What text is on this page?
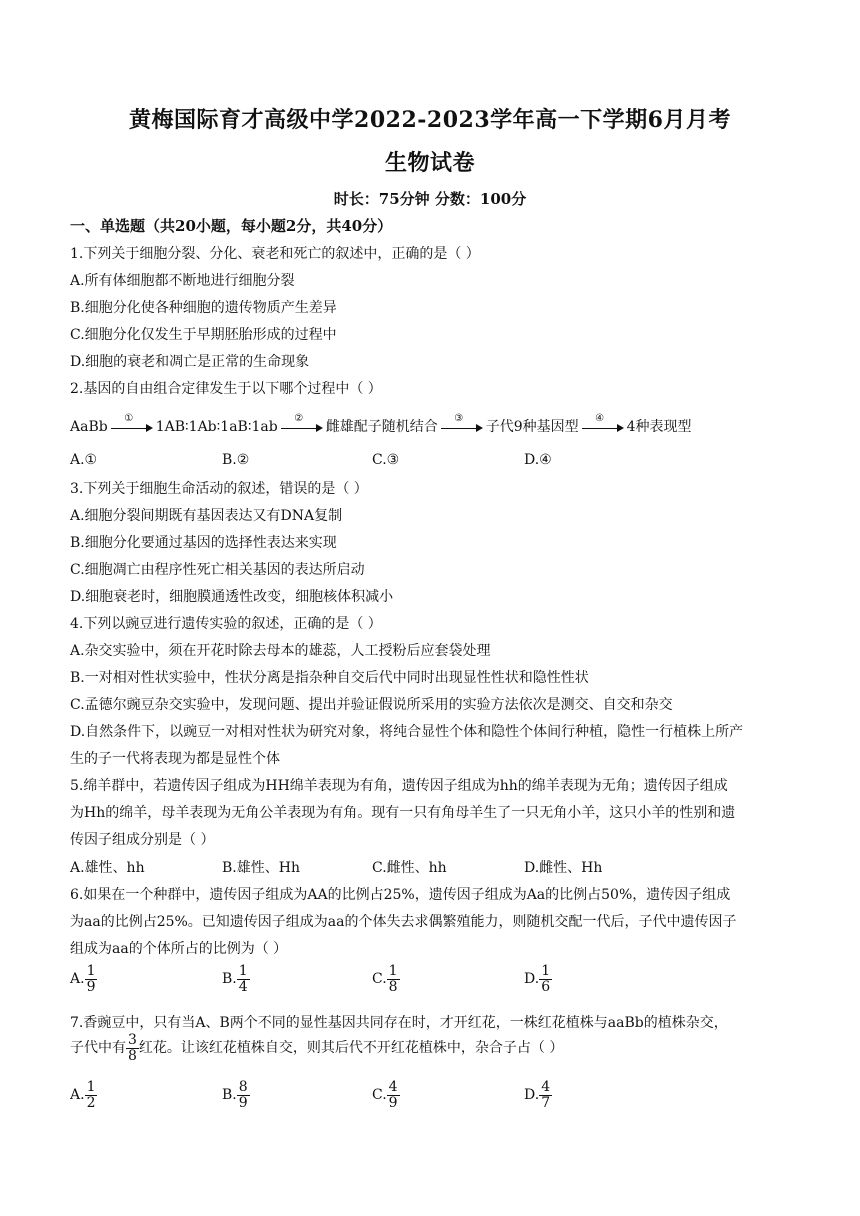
黄梅国际育才高级中学2022-2023学年高一下学期6月月考
生物试卷
时长：75分钟 分数：100分
一、单选题（共20小题，每小题2分，共40分）
1.下列关于细胞分裂、分化、衰老和死亡的叙述中，正确的是（ ）
A.所有体细胞都不断地进行细胞分裂
B.细胞分化使各种细胞的遗传物质产生差异
C.细胞分化仅发生于早期胚胎形成的过程中
D.细胞的衰老和凋亡是正常的生命现象
2.基因的自由组合定律发生于以下哪个过程中（ ）
AaBb
①
1AB∶1Ab∶1aB∶1ab
②
雌雄配子随机结合
③
子代9种基因型
④
4种表现型
A.①	B.②	C.③	D.④
3.下列关于细胞生命活动的叙述，错误的是（ ）
A.细胞分裂间期既有基因表达又有DNA复制
B.细胞分化要通过基因的选择性表达来实现
C.细胞凋亡由程序性死亡相关基因的表达所启动
D.细胞衰老时，细胞膜通透性改变，细胞核体积减小
4.下列以豌豆进行遗传实验的叙述，正确的是（ ）
A.杂交实验中，须在开花时除去母本的雄蕊，人工授粉后应套袋处理
B.一对相对性状实验中，性状分离是指杂种自交后代中同时出现显性性状和隐性性状
C.孟德尔豌豆杂交实验中，发现问题、提出并验证假说所采用的实验方法依次是测交、自交和杂交
D.自然条件下，以豌豆一对相对性状为研究对象，将纯合显性个体和隐性个体间行种植，隐性一行植株上所产
生的子一代将表现为都是显性个体
5.绵羊群中，若遗传因子组成为HH绵羊表现为有角，遗传因子组成为hh的绵羊表现为无角；遗传因子组成
为Hh的绵羊，母羊表现为无角公羊表现为有角。现有一只有角母羊生了一只无角小羊，这只小羊的性别和遗
传因子组成分别是（ ）
A.雄性、hh	B.雄性、Hh	C.雌性、hh	D.雌性、Hh
6.如果在一个种群中，遗传因子组成为AA的比例占25%，遗传因子组成为Aa的比例占50%，遗传因子组成
为aa的比例占25%。已知遗传因子组成为aa的个体失去求偶繁殖能力，则随机交配一代后，子代中遗传因子
组成为aa的个体所占的比例为（ ）
A. $\frac{1}{9}$	B. $\frac{1}{4}$	C. $\frac{1}{8}$	D. $\frac{1}{6}$
7.香豌豆中，只有当A、B两个不同的显性基因共同存在时，才开红花，一株红花植株与aaBb的植株杂交，
子代中有 $\frac{3}{8}$ 红花。让该红花植株自交，则其后代不开红花植株中，杂合子占（ ）
A. $\frac{1}{2}$	B. $\frac{8}{9}$	C. $\frac{4}{9}$	D. $\frac{4}{7}$
